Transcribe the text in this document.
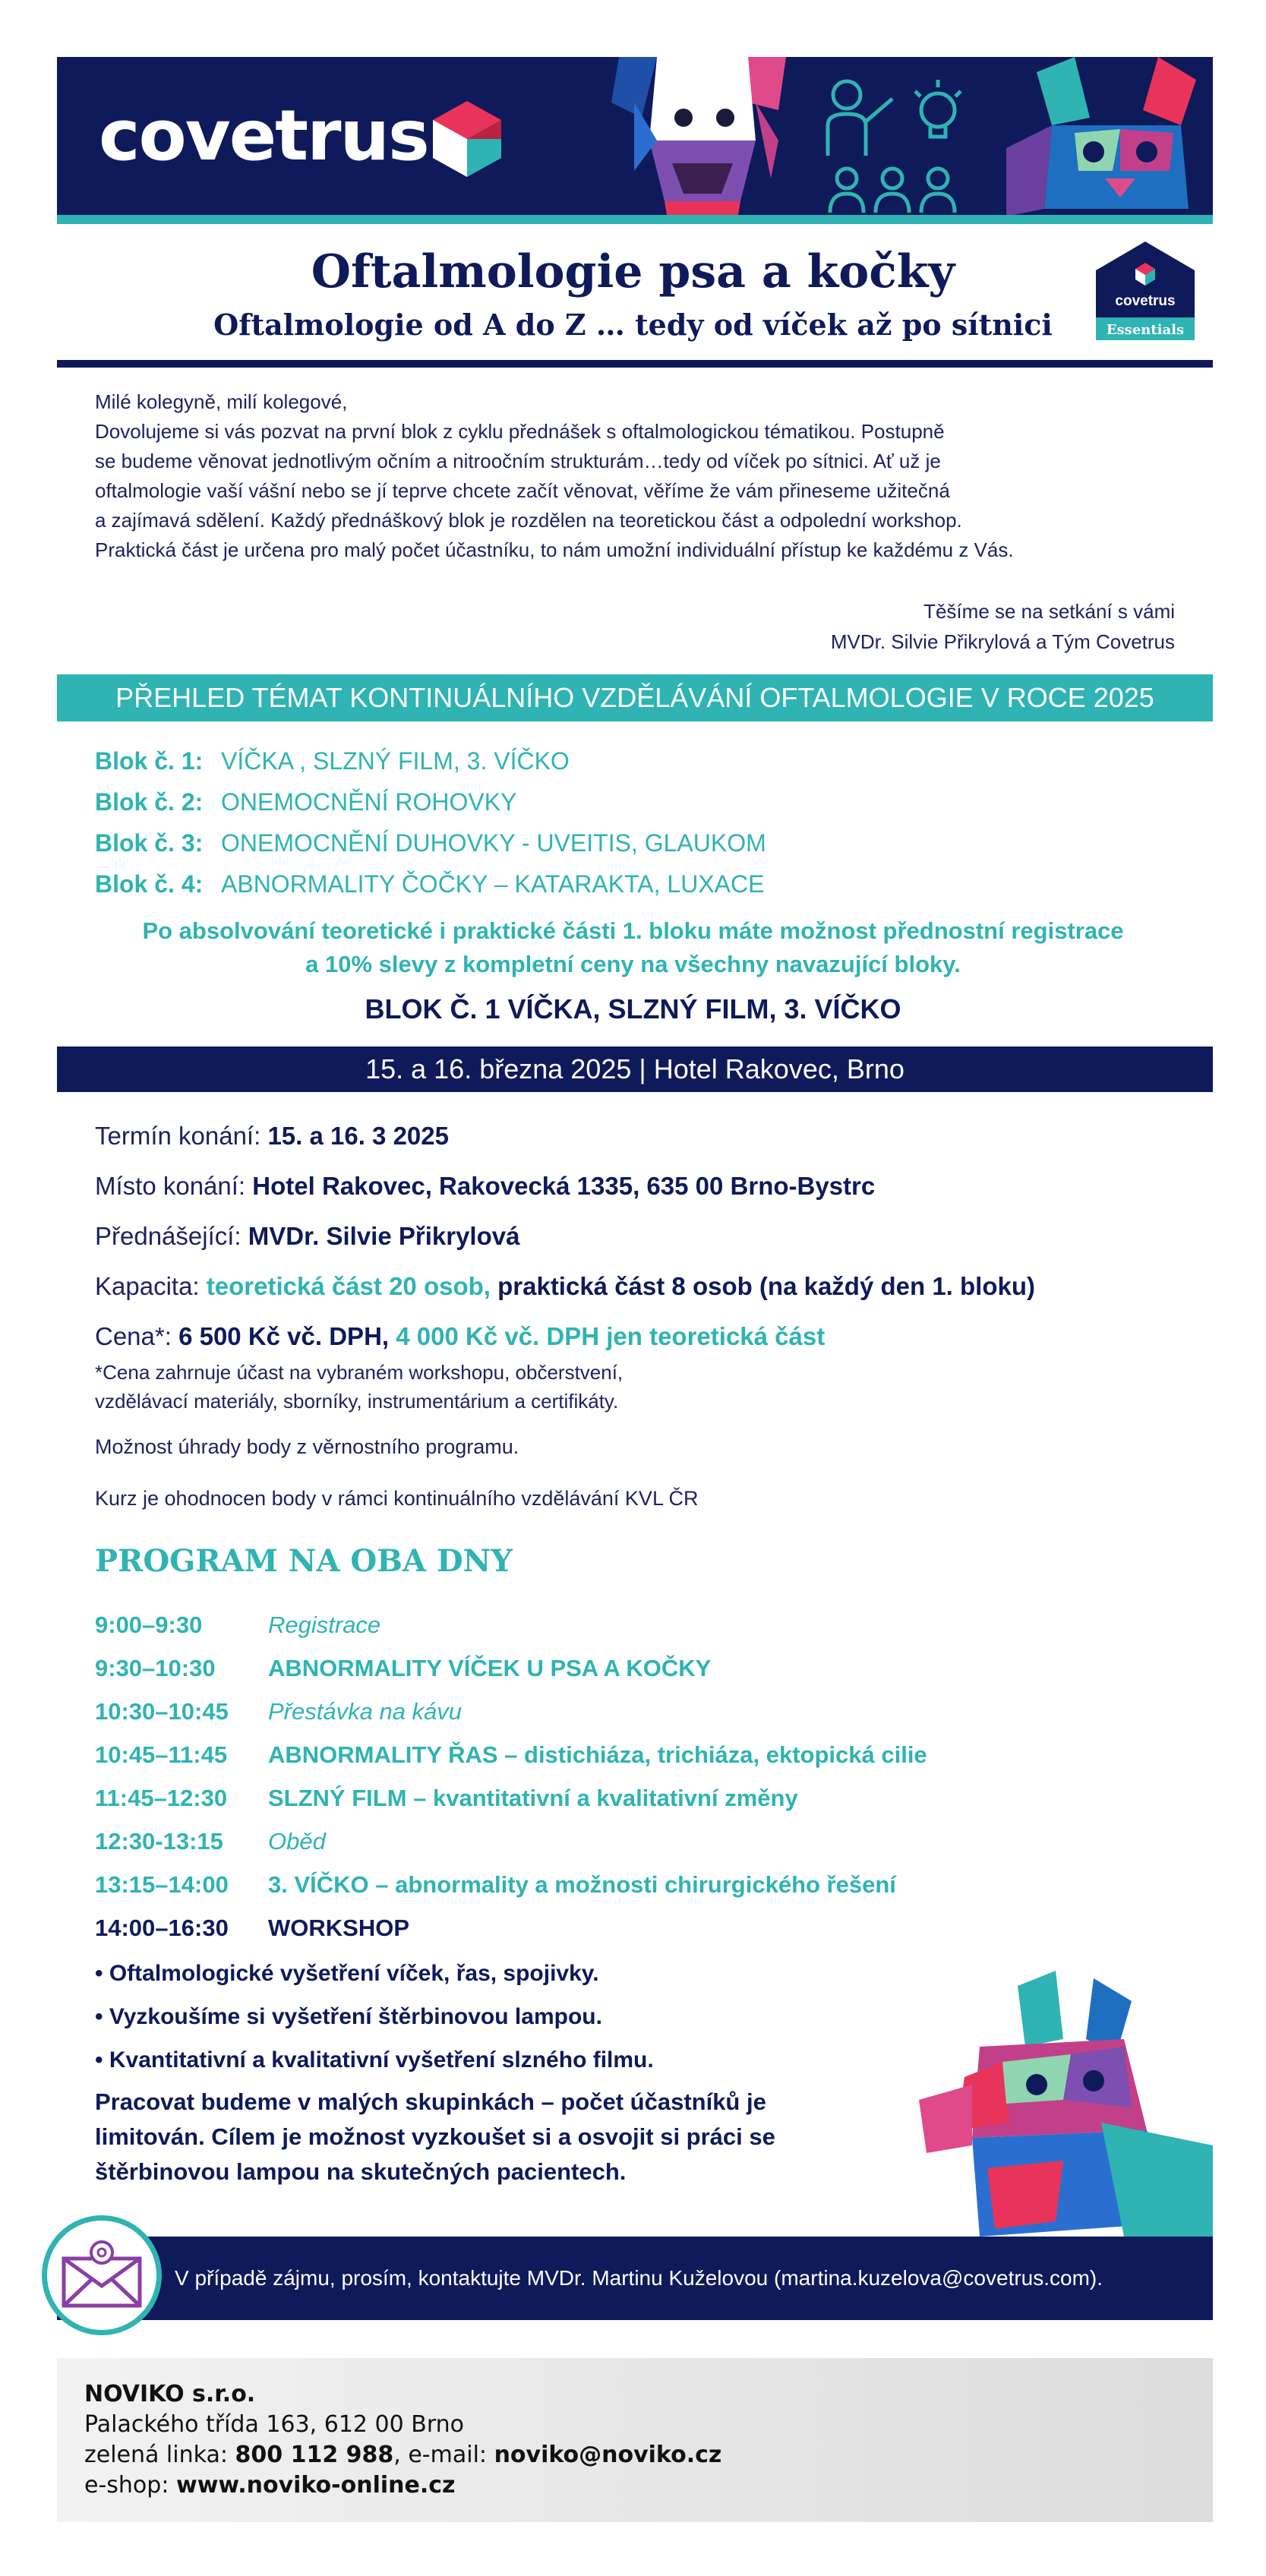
covetrus
Oftalmologie psa a kočky
Oftalmologie od A do Z … tedy od víček až po sítnici
covetrus
Essentials
Milé kolegyně, milí kolegové,
Dovolujeme si vás pozvat na první blok z cyklu přednášek s oftalmologickou tématikou. Postupně
se budeme věnovat jednotlivým očním a nitroočním strukturám…tedy od víček po sítnici. Ať už je
oftalmologie vaší vášní nebo se jí teprve chcete začít věnovat, věříme že vám přineseme užitečná
a zajímavá sdělení. Každý přednáškový blok je rozdělen na teoretickou část a odpolední workshop.
Praktická část je určena pro malý počet účastníku, to nám umožní individuální přístup ke každému z Vás.
Těšíme se na setkání s vámi
MVDr. Silvie Přikrylová a Tým Covetrus
PŘEHLED TÉMAT KONTINUÁLNÍHO VZDĚLÁVÁNÍ OFTALMOLOGIE V ROCE 2025
Blok č. 1: VÍČKA , SLZNÝ FILM, 3. VÍČKO
Blok č. 2: ONEMOCNĚNÍ ROHOVKY
Blok č. 3: ONEMOCNĚNÍ DUHOVKY - UVEITIS, GLAUKOM
Blok č. 4: ABNORMALITY ČOČKY – KATARAKTA, LUXACE
Po absolvování teoretické i praktické části 1. bloku máte možnost přednostní registrace
a 10% slevy z kompletní ceny na všechny navazující bloky.
BLOK Č. 1 VÍČKA, SLZNÝ FILM, 3. VÍČKO
15. a 16. března 2025 | Hotel Rakovec, Brno
Termín konání: 15. a 16. 3 2025
Místo konání: Hotel Rakovec, Rakovecká 1335, 635 00 Brno-Bystrc
Přednášející: MVDr. Silvie Přikrylová
Kapacita: teoretická část 20 osob, praktická část 8 osob (na každý den 1. bloku)
Cena*: 6 500 Kč vč. DPH, 4 000 Kč vč. DPH jen teoretická část
*Cena zahrnuje účast na vybraném workshopu, občerstvení,
vzdělávací materiály, sborníky, instrumentárium a certifikáty.
Možnost úhrady body z věrnostního programu.
Kurz je ohodnocen body v rámci kontinuálního vzdělávání KVL ČR
PROGRAM NA OBA DNY
9:00–9:30	Registrace
9:30–10:30 ABNORMALITY VÍČEK U PSA A KOČKY
10:30–10:45 Přestávka na kávu
10:45–11:45 ABNORMALITY ŘAS – distichiáza, trichiáza, ektopická cilie
11:45–12:30 SLZNÝ FILM – kvantitativní a kvalitativní změny
12:30-13:15 Oběd
13:15–14:00 3. VÍČKO – abnormality a možnosti chirurgického řešení
14:00–16:30 WORKSHOP
• Oftalmologické vyšetření víček, řas, spojivky.
• Vyzkoušíme si vyšetření štěrbinovou lampou.
• Kvantitativní a kvalitativní vyšetření slzného filmu.
Pracovat budeme v malých skupinkách – počet účastníků je limitován. Cílem je možnost vyzkoušet si a osvojit si práci se štěrbinovou lampou na skutečných pacientech.
V případě zájmu, prosím, kontaktujte MVDr. Martinu Kuželovou (martina.kuzelova@covetrus.com).
NOVIKO s.r.o.
Palackého třída 163, 612 00 Brno
zelená linka: 800 112 988, e-mail: noviko@noviko.cz
e-shop: www.noviko-online.cz
